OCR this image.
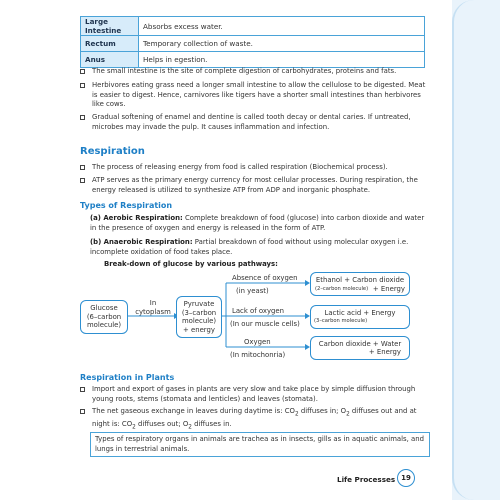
Large Intestine	Absorbs excess water.
Rectum	Temporary collection of waste.
Anus	Helps in egestion.
The small intestine is the site of complete digestion of carbohydrates, proteins and fats.
Herbivores eating grass need a longer small intestine to allow the cellulose to be digested. Meat is easier to digest. Hence, carnivores like tigers have a shorter small intestines than herbivores like cows.
Gradual softening of enamel and dentine is called tooth decay or dental caries. If untreated, microbes may invade the pulp. It causes inflammation and infection.
Respiration
The process of releasing energy from food is called respiration (Biochemical process).
ATP serves as the primary energy currency for most cellular processes. During respiration, the energy released is utilized to synthesize ATP from ADP and inorganic phosphate.
Types of Respiration
(a) Aerobic Respiration: Complete breakdown of food (glucose) into carbon dioxide and water in the presence of oxygen and energy is released in the form of ATP.
(b) Anaerobic Respiration: Partial breakdown of food without using molecular oxygen i.e. incomplete oxidation of food takes place.
Break-down of glucose by various pathways:
Glucose
(6–carbon
molecule)
In
cytoplasm
Pyruvate
(3–carbon
molecule)
+ energy
Absence of oxygen
(in yeast)
Lack of oxygen
(In our muscle cells)
Oxygen
(In mitochonria)
Ethanol + Carbon dioxide
(2–carbon molecule) + Energy
Lactic acid + Energy
(3–carbon molecule)
Carbon dioxide + Water
+ Energy
Respiration in Plants
Import and export of gases in plants are very slow and take place by simple diffusion through young roots, stems (stomata and lenticles) and leaves (stomata).
The net gaseous exchange in leaves during daytime is: $CO_2$ diffuses in; $O_2$ diffuses out and at night is: $CO_2$ diffuses out; $O_2$ diffuses in.
Types of respiratory organs in animals are trachea as in insects, gills as in aquatic animals, and lungs in terrestrial animals.
Life Processes 19
